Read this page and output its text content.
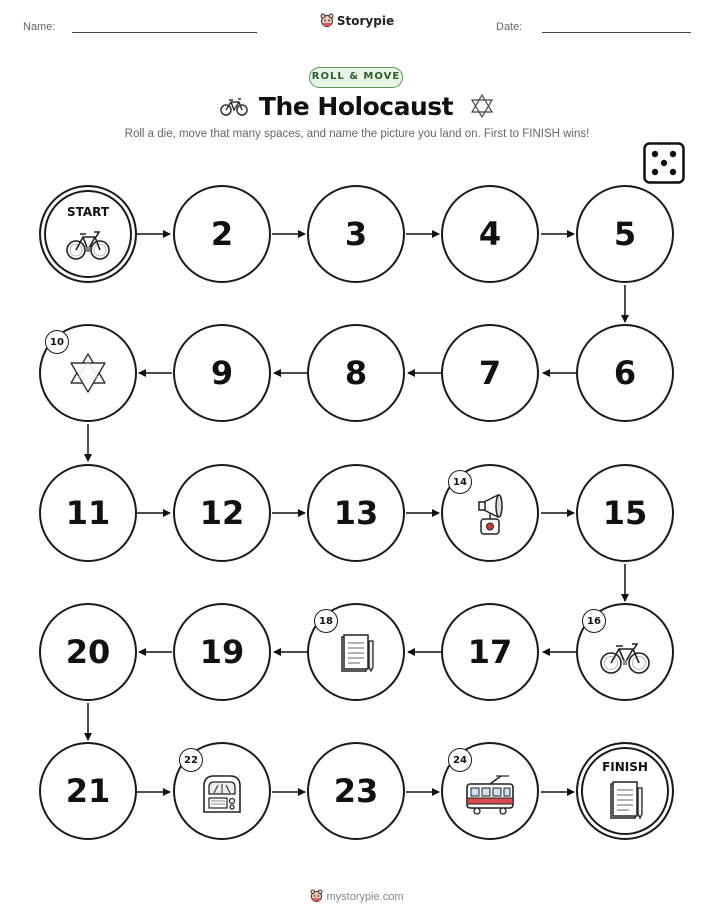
Name:	Storypie	Date:
ROLL & MOVE
The Holocaust
Roll a die, move that many spaces, and name the picture you land on. First to FINISH wins!
START
2	3	4	5
10
9	8	7	6
11	12	13
14
15
20	19
18
17
16
21
22
23
24	FINISH
mystorypie.com
